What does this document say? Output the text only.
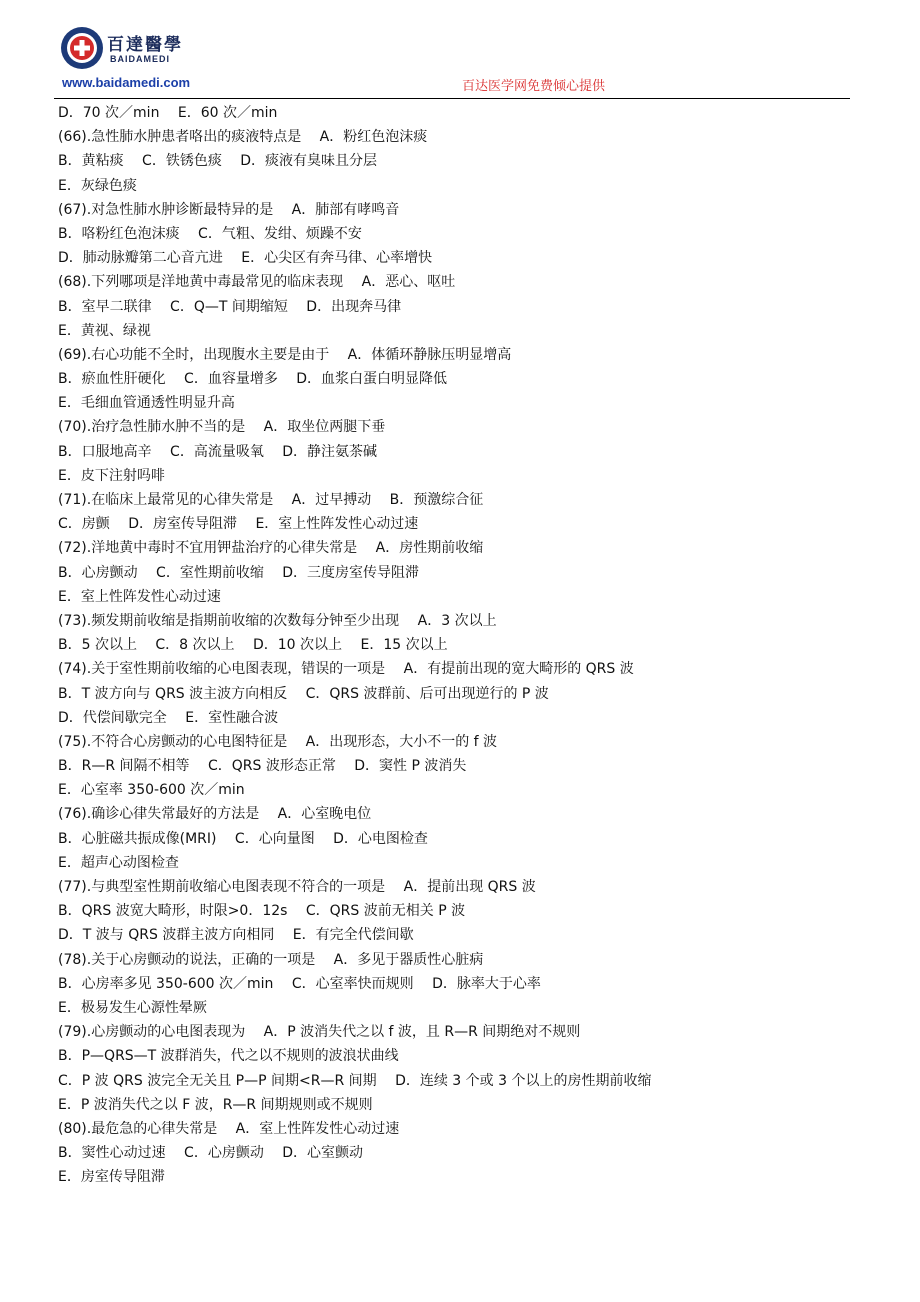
百達醫學
BAIDAMEDI
www.baidamedi.com	百达医学网免费倾心提供
D．70 次／min　 E．60 次／min
(66).急性肺水肿患者咯出的痰液特点是　 A．粉红色泡沫痰
B．黄粘痰　 C．铁锈色痰　 D．痰液有臭味且分层
E．灰绿色痰
(67).对急性肺水肿诊断最特异的是　 A．肺部有哮鸣音
B．咯粉红色泡沫痰　 C．气粗、发绀、烦躁不安
D．肺动脉瓣第二心音亢进　 E．心尖区有奔马律、心率增快
(68).下列哪项是洋地黄中毒最常见的临床表现　 A．恶心、呕吐
B．室早二联律　 C．Q—T 间期缩短　 D．出现奔马律
E．黄视、绿视
(69).右心功能不全时，出现腹水主要是由于　 A．体循环静脉压明显增高
B．瘀血性肝硬化　 C．血容量增多　 D．血浆白蛋白明显降低
E．毛细血管通透性明显升高
(70).治疗急性肺水肿不当的是　 A．取坐位两腿下垂
B．口服地高辛　 C．高流量吸氧　 D．静注氨茶碱
E．皮下注射吗啡
(71).在临床上最常见的心律失常是　 A．过早搏动　 B．预激综合征
C．房颤　 D．房室传导阻滞　 E．室上性阵发性心动过速
(72).洋地黄中毒时不宜用钾盐治疗的心律失常是　 A．房性期前收缩
B．心房颤动　 C．室性期前收缩　 D．三度房室传导阻滞
E．室上性阵发性心动过速
(73).频发期前收缩是指期前收缩的次数每分钟至少出现　 A．3 次以上
B．5 次以上　 C．8 次以上　 D．10 次以上　 E．15 次以上
(74).关于室性期前收缩的心电图表现，错误的一项是　 A．有提前出现的宽大畸形的 QRS 波
B．T 波方向与 QRS 波主波方向相反　 C．QRS 波群前、后可出现逆行的 P 波
D．代偿间歇完全　 E．室性融合波
(75).不符合心房颤动的心电图特征是　 A．出现形态，大小不一的 f 波
B．R—R 间隔不相等　 C．QRS 波形态正常　 D．窦性 P 波消失
E．心室率 350-600 次／min
(76).确诊心律失常最好的方法是　 A．心室晚电位
B．心脏磁共振成像(MRI)　 C．心向量图　 D．心电图检查
E．超声心动图检查
(77).与典型室性期前收缩心电图表现不符合的一项是　 A．提前出现 QRS 波
B．QRS 波宽大畸形，时限>0．12s　 C．QRS 波前无相关 P 波
D．T 波与 QRS 波群主波方向相同　 E．有完全代偿间歇
(78).关于心房颤动的说法，正确的一项是　 A．多见于器质性心脏病
B．心房率多见 350-600 次／min　 C．心室率快而规则　 D．脉率大于心率
E．极易发生心源性晕厥
(79).心房颤动的心电图表现为　 A．P 波消失代之以 f 波，且 R—R 间期绝对不规则
B．P—QRS—T 波群消失，代之以不规则的波浪状曲线
C．P 波 QRS 波完全无关且 P—P 间期<R—R 间期　 D．连续 3 个或 3 个以上的房性期前收缩
E．P 波消失代之以 F 波，R—R 间期规则或不规则
(80).最危急的心律失常是　 A．室上性阵发性心动过速
B．窦性心动过速　 C．心房颤动　 D．心室颤动
E．房室传导阻滞
